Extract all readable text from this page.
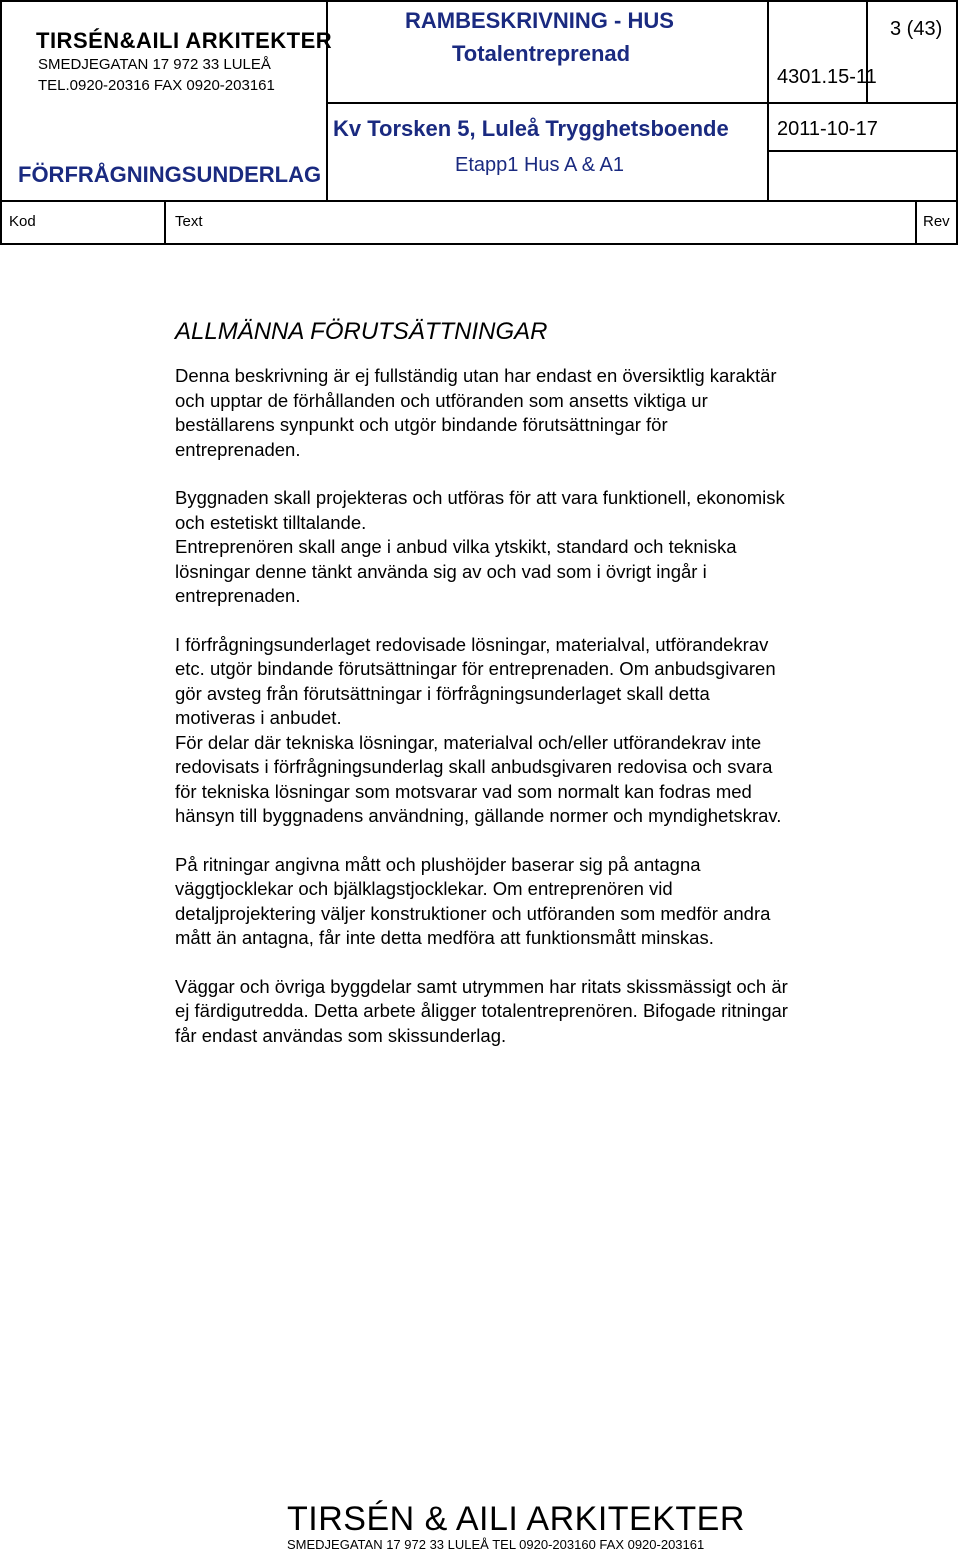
TIRSÉN&AILI ARKITEKTER
SMEDJEGATAN 17 972 33 LULEÅ
TEL.0920-20316 FAX 0920-203161
RAMBESKRIVNING - HUS
Totalentreprenad
4301.15-11
3 (43)
Kv Torsken 5, Luleå Trygghetsboende 2011-10-17
FÖRFRÅGNINGSUNDERLAG	Etapp1 Hus A & A1
Kod	Text	Rev
ALLMÄNNA FÖRUTSÄTTNINGAR
Denna beskrivning är ej fullständig utan har endast en översiktlig karaktär
och upptar de förhållanden och utföranden som ansetts viktiga ur
beställarens synpunkt och utgör bindande förutsättningar för
entreprenaden.
Byggnaden skall projekteras och utföras för att vara funktionell, ekonomisk
och estetiskt tilltalande.
Entreprenören skall ange i anbud vilka ytskikt, standard och tekniska
lösningar denne tänkt använda sig av och vad som i övrigt ingår i
entreprenaden.
I förfrågningsunderlaget redovisade lösningar, materialval, utförandekrav
etc. utgör bindande förutsättningar för entreprenaden. Om anbudsgivaren
gör avsteg från förutsättningar i förfrågningsunderlaget skall detta
motiveras i anbudet.
För delar där tekniska lösningar, materialval och/eller utförandekrav inte
redovisats i förfrågningsunderlag skall anbudsgivaren redovisa och svara
för tekniska lösningar som motsvarar vad som normalt kan fodras med
hänsyn till byggnadens användning, gällande normer och myndighetskrav.
På ritningar angivna mått och plushöjder baserar sig på antagna
väggtjocklekar och bjälklagstjocklekar. Om entreprenören vid
detaljprojektering väljer konstruktioner och utföranden som medför andra
mått än antagna, får inte detta medföra att funktionsmått minskas.
Väggar och övriga byggdelar samt utrymmen har ritats skissmässigt och är
ej färdigutredda. Detta arbete åligger totalentreprenören. Bifogade ritningar
får endast användas som skissunderlag.
TIRSÉN & AILI ARKITEKTER
SMEDJEGATAN 17 972 33 LULEÅ TEL 0920-203160 FAX 0920-203161
